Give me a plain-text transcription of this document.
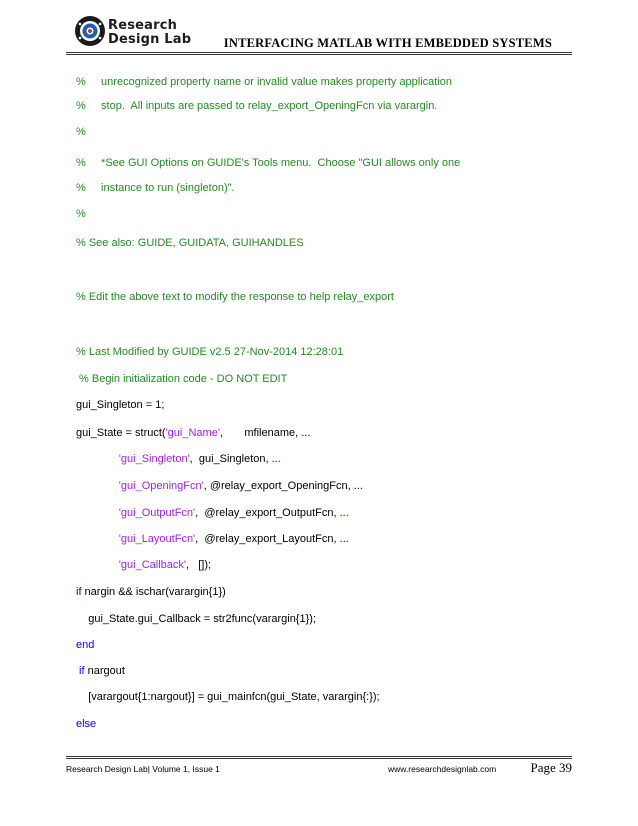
Research
Design Lab	INTERFACING MATLAB WITH EMBEDDED SYSTEMS
%     unrecognized property name or invalid value makes property application
%     stop.  All inputs are passed to relay_export_OpeningFcn via varargin.
%
%     *See GUI Options on GUIDE's Tools menu.  Choose "GUI allows only one
%     instance to run (singleton)".
%
% See also: GUIDE, GUIDATA, GUIHANDLES
% Edit the above text to modify the response to help relay_export
% Last Modified by GUIDE v2.5 27-Nov-2014 12:28:01
% Begin initialization code - DO NOT EDIT
gui_Singleton = 1;
gui_State = struct('gui_Name',       mfilename, ...
'gui_Singleton',  gui_Singleton, ...
'gui_OpeningFcn', @relay_export_OpeningFcn, ...
'gui_OutputFcn',  @relay_export_OutputFcn, ...
'gui_LayoutFcn',  @relay_export_LayoutFcn, ...
'gui_Callback',   []);
if nargin && ischar(varargin{1})
gui_State.gui_Callback = str2func(varargin{1});
end
if nargout
[varargout{1:nargout}] = gui_mainfcn(gui_State, varargin{:});
else
Research Design Lab| Volume 1, Issue 1	www.researchdesignlab.com	Page 39
